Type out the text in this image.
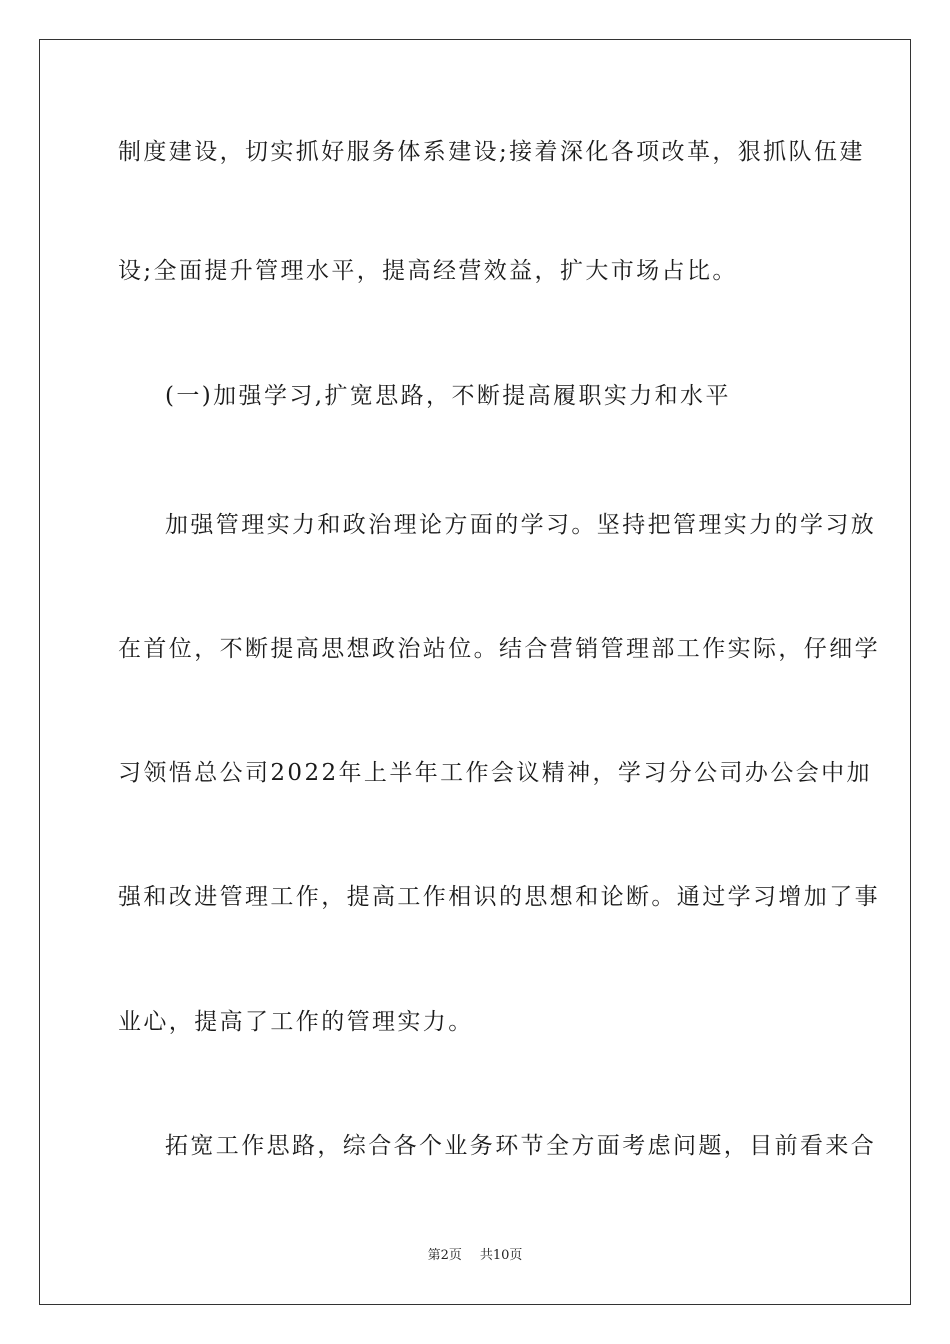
制度建设，切实抓好服务体系建设;接着深化各项改革，狠抓队伍建
设;全面提升管理水平，提高经营效益，扩大市场占比。
(一)加强学习,扩宽思路，不断提高履职实力和水平
加强管理实力和政治理论方面的学习。坚持把管理实力的学习放
在首位，不断提高思想政治站位。结合营销管理部工作实际，仔细学
习领悟总公司2022年上半年工作会议精神，学习分公司办公会中加
强和改进管理工作，提高工作相识的思想和论断。通过学习增加了事
业心，提高了工作的管理实力。
拓宽工作思路，综合各个业务环节全方面考虑问题，目前看来合
第2页 共10页
